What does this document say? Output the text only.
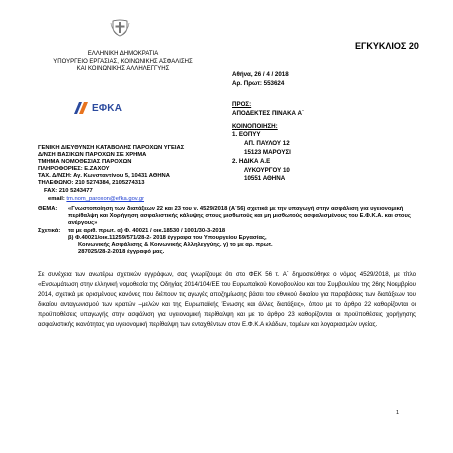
ΕΛΛΗΝΙΚΗ ΔΗΜΟΚΡΑΤΙΑ
ΥΠΟΥΡΓΕΙΟ ΕΡΓΑΣΙΑΣ, ΚΟΙΝΩΝΙΚΗΣ ΑΣΦΑΛΙΣΗΣ
ΚΑΙ ΚΟΙΝΩΝΙΚΗΣ ΑΛΛΗΛΕΓΓΥΗΣ
ΕΦΚΑ
ΕΓΚΥΚΛΙΟΣ 20
Αθήνα, 26 / 4 / 2018
Αρ. Πρωτ: 553624
ΠΡΟΣ:
ΑΠΟΔΕΚΤΕΣ ΠΙΝΑΚΑ Α΄
ΚΟΙΝΟΠΟΙΗΣΗ:
1. ΕΟΠΥΥ
ΑΠ. ΠΑΥΛΟΥ 12
15123 ΜΑΡΟΥΣΙ
2. ΗΔΙΚΑ Α.Ε
ΛΥΚΟΥΡΓΟΥ 10
10551 ΑΘΗΝΑ
ΓΕΝΙΚΗ ΔΙΕΥΘΥΝΣΗ ΚΑΤΑΒΟΛΗΣ ΠΑΡΟΧΩΝ ΥΓΕΙΑΣ
Δ/ΝΣΗ ΒΑΣΙΚΩΝ ΠΑΡΟΧΩΝ ΣΕ ΧΡΗΜΑ
ΤΜΗΜΑ ΝΟΜΟΘΕΣΙΑΣ ΠΑΡΟΧΩΝ
ΠΛΗΡΟΦΟΡΙΕΣ: Ε.ΖΑΧΟΥ
ΤΑΧ. Δ/ΝΣΗ: Αγ. Κωνσταντίνου 5, 10431 ΑΘΗΝΑ
ΤΗΛΕΦΩΝΟ: 210 5274384, 2105274313
FAX: 210 5243477
email: tm.nom_paroxon@efka.gov.gr
ΘΕΜΑ:	«Γνωστοποίηση των διατάξεων 22 και 23 του ν. 4529/2018 (Α΄56) σχετικά με την υπαγωγή στην ασφάλιση για υγειονομική περίθαλψη και Χορήγηση ασφαλιστικής κάλυψης στους μισθωτούς και μη μισθωτούς ασφαλισμένους του Ε.Φ.Κ.Α. και στους ανέργους»
Σχετικά:	τα με αριθ. πρωτ. α) Φ. 40021 / οικ.18530 / 1001/30-3-2018
β) Φ.40021/οικ.11259/571/28-2- 2018 έγγραφα του Υπουργείου Εργασίας,
Κοινωνικής Ασφάλισης & Κοινωνικής Αλληλεγγύης. γ) το με αρ. πρωτ.
287025/28-2-2018 έγγραφό μας.
Σε συνέχεια των ανωτέρω σχετικών εγγράφων, σας γνωρίζουμε ότι στο ΦΕΚ 56 τ. Α΄ δημοσιεύθηκε ο νόμος 4529/2018, με τίτλο «Ενσωμάτωση στην ελληνική νομοθεσία της Οδηγίας 2014/104/ΕΕ του Ευρωπαϊκού Κοινοβουλίου και του Συμβουλίου της 26ης Νοεμβρίου 2014, σχετικά με ορισμένους κανόνες που διέπουν τις αγωγές αποζημίωσης βάσει του εθνικού δικαίου για παραβάσεις των διατάξεων του δικαίου ανταγωνισμού των κρατών –μελών και της Ευρωπαϊκής Ένωσης και άλλες διατάξεις», όπου με το άρθρο 22 καθορίζονται οι προϋποθέσεις υπαγωγής στην ασφάλιση για υγειονομική περίθαλψη και με το άρθρο 23 καθορίζονται οι προϋποθέσεις χορήγησης ασφαλιστικής ικανότητας για υγειονομική περίθαλψη των ενταχθέντων στον Ε.Φ.Κ.Α κλάδων, τομέων και λογαριασμών υγείας.
1
